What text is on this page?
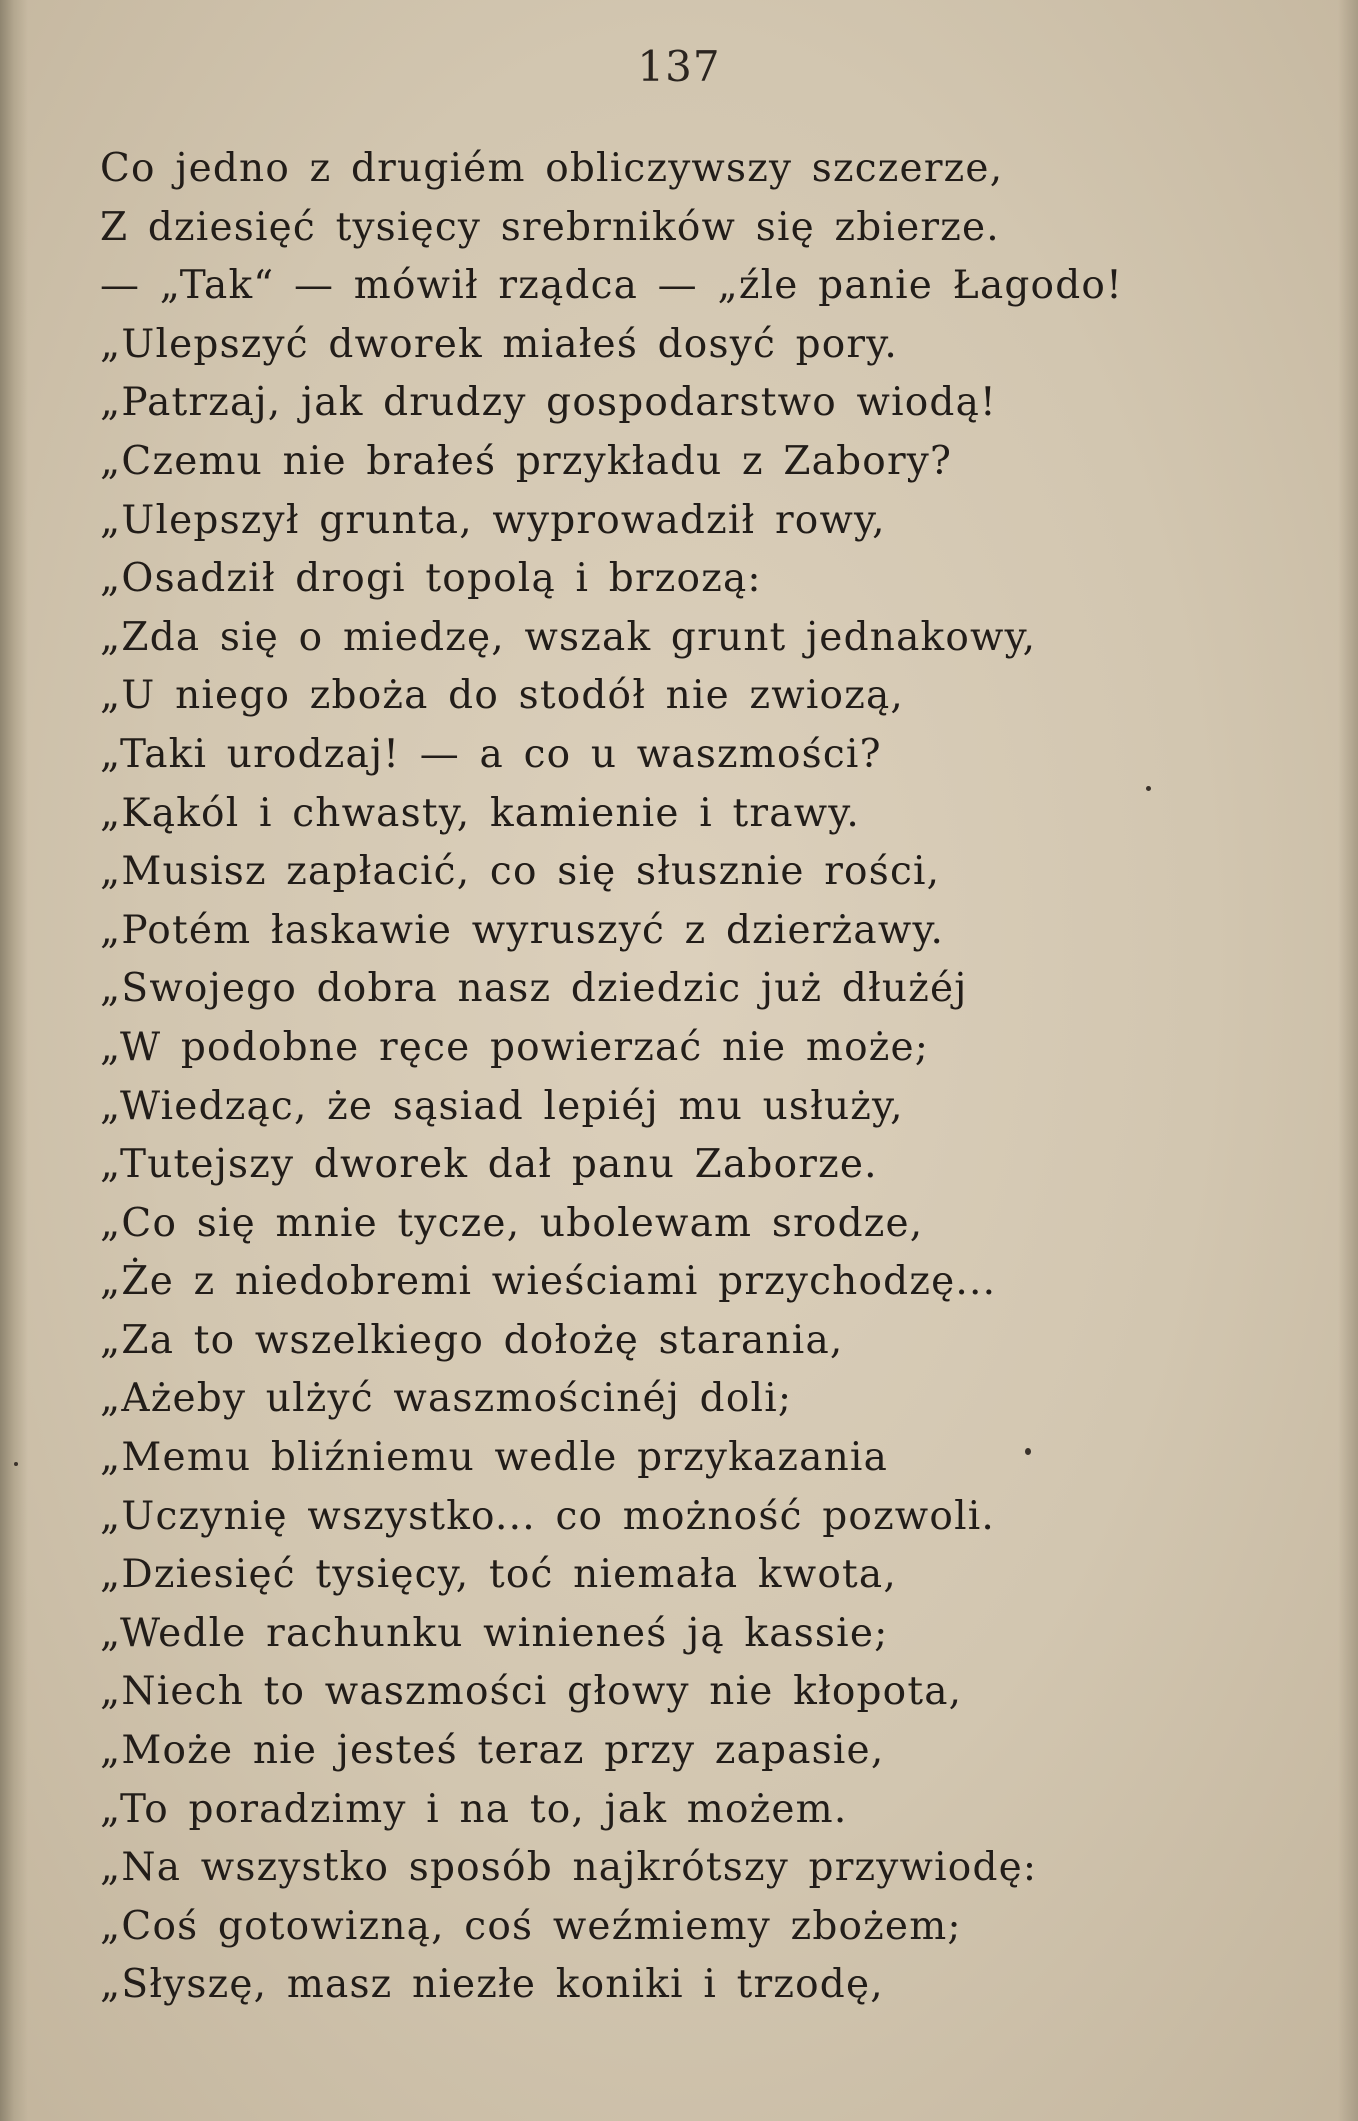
137
Co jedno z drugiém obliczywszy szczerze,
Z dziesięć tysięcy srebrników się zbierze.
— „Tak“ — mówił rządca — „źle panie Łagodo!
„Ulepszyć dworek miałeś dosyć pory.
„Patrzaj, jak drudzy gospodarstwo wiodą!
„Czemu nie brałeś przykładu z Zabory?
„Ulepszył grunta, wyprowadził rowy,
„Osadził drogi topolą i brzozą:
„Zda się o miedzę, wszak grunt jednakowy,
„U niego zboża do stodół nie zwiozą,
„Taki urodzaj! — a co u waszmości?
„Kąkól i chwasty, kamienie i trawy.
„Musisz zapłacić, co się słusznie rości,
„Potém łaskawie wyruszyć z dzierżawy.
„Swojego dobra nasz dziedzic już dłużéj
„W podobne ręce powierzać nie może;
„Wiedząc, że sąsiad lepiéj mu usłuży,
„Tutejszy dworek dał panu Zaborze.
„Co się mnie tycze, ubolewam srodze,
„Że z niedobremi wieściami przychodzę...
„Za to wszelkiego dołożę starania,
„Ażeby ulżyć waszmościnéj doli;
„Memu bliźniemu wedle przykazania
„Uczynię wszystko... co możność pozwoli.
„Dziesięć tysięcy, toć niemała kwota,
„Wedle rachunku winieneś ją kassie;
„Niech to waszmości głowy nie kłopota,
„Może nie jesteś teraz przy zapasie,
„To poradzimy i na to, jak możem.
„Na wszystko sposób najkrótszy przywiodę:
„Coś gotowizną, coś weźmiemy zbożem;
„Słyszę, masz niezłe koniki i trzodę,
